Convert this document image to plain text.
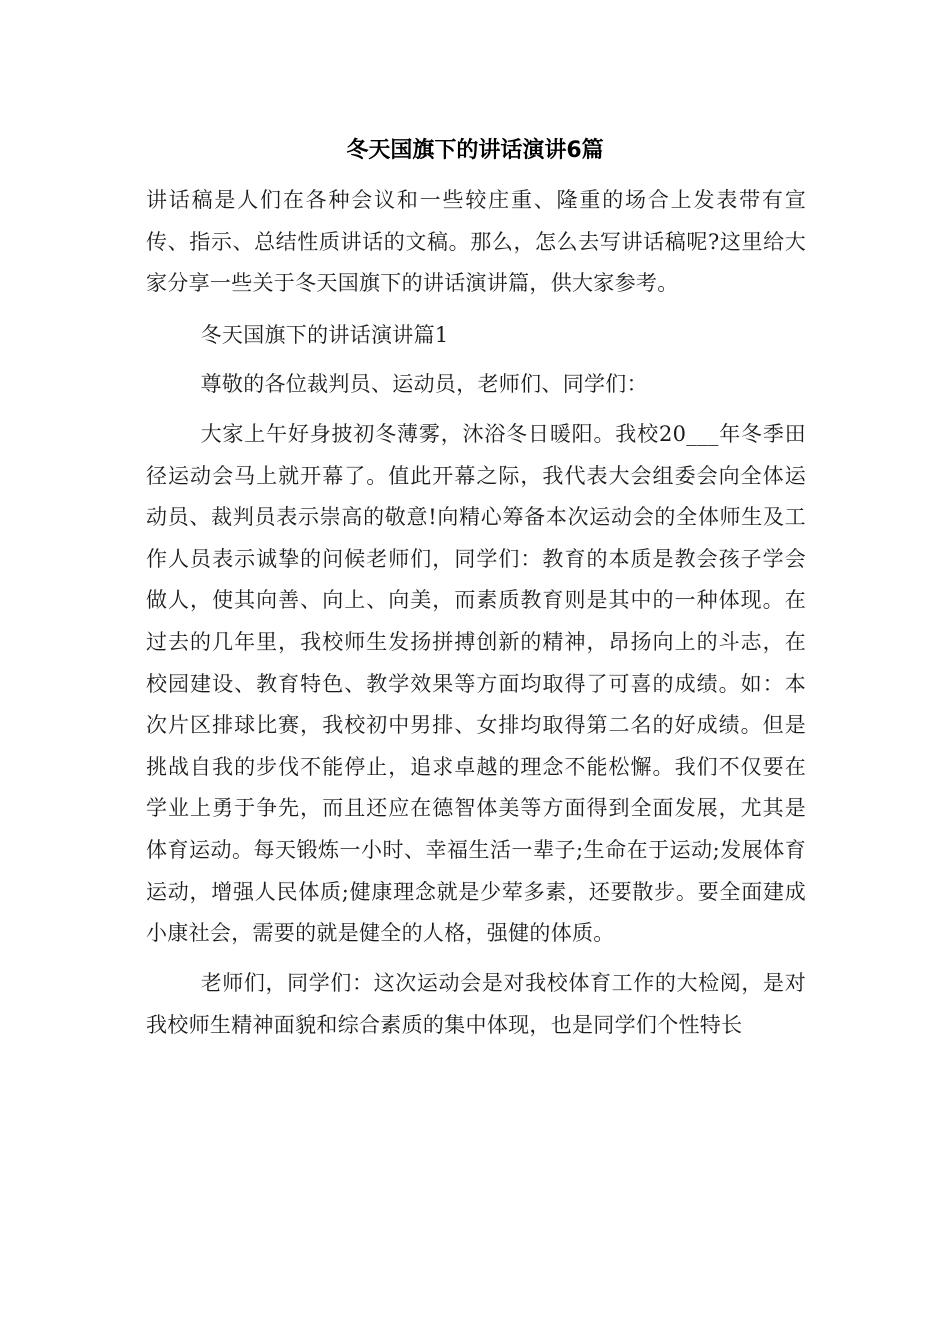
冬天国旗下的讲话演讲6篇

讲话稿是人们在各种会议和一些较庄重、隆重的场合上发表带有宣传、指示、总结性质讲话的文稿。那么，怎么去写讲话稿呢?这里给大家分享一些关于冬天国旗下的讲话演讲篇，供大家参考。

冬天国旗下的讲话演讲篇1

尊敬的各位裁判员、运动员，老师们、同学们：

大家上午好身披初冬薄雾，沐浴冬日暖阳。我校20___年冬季田径运动会马上就开幕了。值此开幕之际，我代表大会组委会向全体运动员、裁判员表示崇高的敬意!向精心筹备本次运动会的全体师生及工作人员表示诚挚的问候老师们，同学们：教育的本质是教会孩子学会做人，使其向善、向上、向美，而素质教育则是其中的一种体现。在过去的几年里，我校师生发扬拼搏创新的精神，昂扬向上的斗志，在校园建设、教育特色、教学效果等方面均取得了可喜的成绩。如：本次片区排球比赛，我校初中男排、女排均取得第二名的好成绩。但是挑战自我的步伐不能停止，追求卓越的理念不能松懈。我们不仅要在学业上勇于争先，而且还应在德智体美等方面得到全面发展，尤其是体育运动。每天锻炼一小时、幸福生活一辈子;生命在于运动;发展体育运动，增强人民体质;健康理念就是少荤多素，还要散步。要全面建成小康社会，需要的就是健全的人格，强健的体质。

老师们，同学们：这次运动会是对我校体育工作的大检阅，是对我校师生精神面貌和综合素质的集中体现，也是同学们个性特长
